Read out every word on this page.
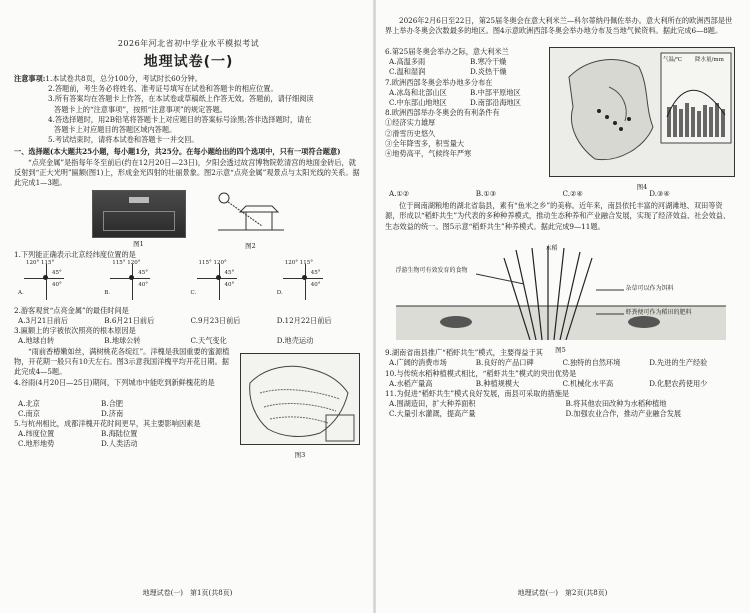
2026年河北省初中学业水平模拟考试

地理试卷(一)

注意事项:1.本试卷共8页，总分100分，考试时长60分钟。

2.答题前，考生务必将姓名、准考证号填写在试卷和答题卡的相应位置。

3.所有答案均在答题卡上作答，在本试卷或草稿纸上作答无效。答题前，请仔细阅读

答题卡上的“注意事项”，按照“注意事项”的规定答题。

4.答选择题时，用2B铅笔将答题卡上对应题目的答案标号涂黑;答非选择题时，请在

答题卡上对应题目的答题区域内答题。

5.考试结束时，请将本试卷和答题卡一并交回。

一、选择题(本大题共25小题，每小题1分，共25分。在每小题给出的四个选项中，只有一项符合题意)

“点亮金属”是指每年冬至前后(约在12月20日—23日)，夕阳会透过故宫博物院乾清宫的地面金砖后，就反射到“正大光明”匾额(图1)上，形成金光四射的壮丽景象。图2示意“点亮金属”观景点与太阳光线的关系。据此完成1—3题。

图1	图2

1.下列能正确表示北京经纬度位置的是

A.
120° 115°
45°
40°
B.
115° 120°
45°
40°
C.
115° 120°
45°
40°
D.
120° 115°
45°
40°

2.游客观赏“点亮金属”的最佳时间是

A.3月21日前后	B.6月21日前后	C.9月23日前后	D.12月22日前后

3.匾额上的字被依次照亮的根本原因是

A.地球自转	B.地球公转	C.天气变化	D.地壳运动

“雨前香椿嫩如丝，满树桃花各绽红”。洋槐是我国重要的蜜源植物，开花期一般只有10天左右。图3示意我国洋槐平均开花日期。据此完成4—5题。

4.谷雨(4月20日—25日)期间，下列城市中能吃到新鲜槐花的是

A.北京	B.合肥

C.南京	D.济南

5.与杭州相比，成都洋槐开花时间更早，其主要影响因素是

A.纬度位置	B.海陆位置

C.地形地势	D.人类活动

图3

地理试卷(一)　第1页(共8页)

2026年2月6日至22日，第25届冬奥会在意大利米兰—科尔蒂纳丹佩佐举办。意大利所在的欧洲西部是世界上举办冬奥会次数最多的地区。图4示意欧洲西部冬奥会举办地分布及当地气候资料。据此完成6—8题。

6.第25届冬奥会举办之际，意大利米兰

A.高温多雨	B.寒冷干燥

C.温和湿润	D.炎热干燥

7.欧洲西部冬奥会举办地多分布在

A.冰岛和北部山区	B.中部平原地区

C.中东部山地地区	D.南部沿海地区

8.欧洲西部举办冬奥会的有利条件有

①经济实力雄厚

②滑雪历史悠久

③全年降雪多，积雪量大

④地势高平，气候终年严寒

气温/℃ 降水量/mm

图4

A.①②	B.①③	C.②④	D.③④

位于闽南湖粮地的湖北省翁县，素有“鱼米之乡”的美称。近年来，南县依托丰富的河湖滩地、双田等资源，形成以“稻虾共生”为代表的多种种养模式，推动生态种养和产业融合发展，实现了经济效益、社会效益、生态效益的统一。图5示意“稻虾共生”种养模式。据此完成9—11题。

水稻

浮游生物可有效发育的食物

杂草可以作为饵料

虾粪便可作为稻田的肥料

图5

9.湖南省南县推广“稻虾共生”模式，主要得益于其

A.广阔的消费市场	B.良好的产品口碑	C.独特的自然环境	D.先进的生产经验

10.与传统水稻种植模式相比，“稻虾共生”模式的突出优势是

A.水稻产量高	B.种植规模大	C.机械化水平高	D.化肥农药使用少

11.为促进“稻虾共生”模式良好发展，南县可采取的措施是

A.围湖造田，扩大种养面积	B.将其他农田改种为水稻种植地

C.大量引水灌溉，提高产量	D.加强农业合作，推动产业融合发展

地理试卷(一)　第2页(共8页)
